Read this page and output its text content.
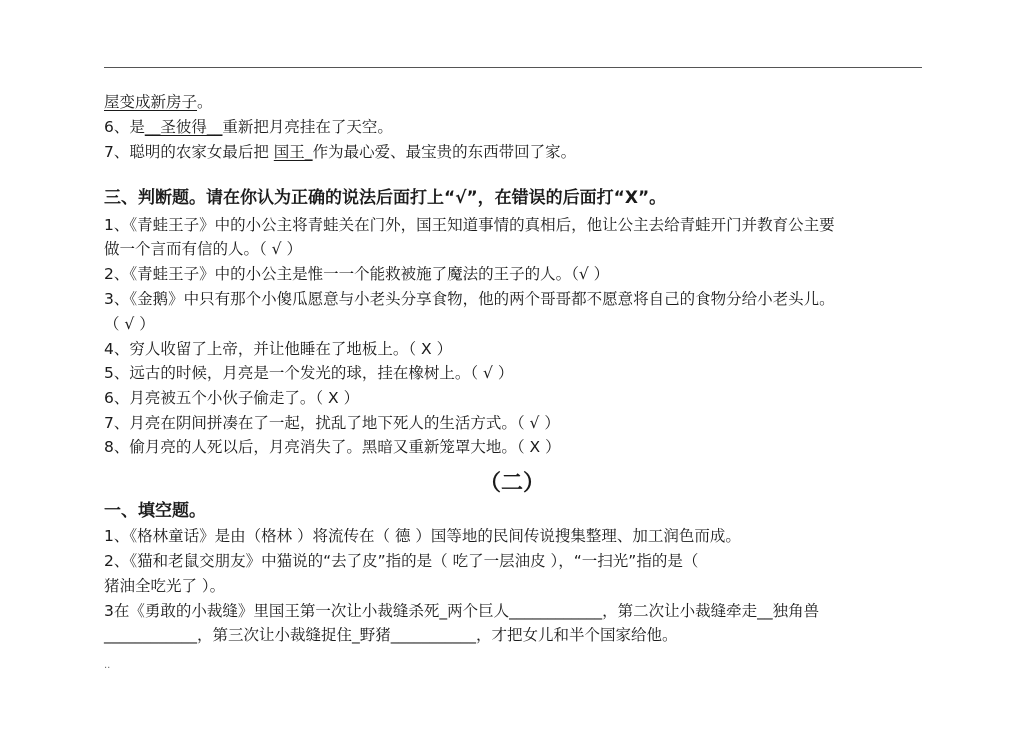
屋变成新房子。
6、是__圣彼得__重新把月亮挂在了天空。
7、聪明的农家女最后把 国王_作为最心爱、最宝贵的东西带回了家。
三、判断题。请在你认为正确的说法后面打上“√”，在错误的后面打“X”。
1、《青蛙王子》中的小公主将青蛙关在门外，国王知道事情的真相后，他让公主去给青蛙开门并教育公主要
做一个言而有信的人。（ √ ）
2、《青蛙王子》中的小公主是惟一一个能救被施了魔法的王子的人。（√ ）
3、《金鹅》中只有那个小傻瓜愿意与小老头分享食物，他的两个哥哥都不愿意将自己的食物分给小老头儿。
（ √ ）
4、穷人收留了上帝，并让他睡在了地板上。（ X ）
5、远古的时候，月亮是一个发光的球，挂在橡树上。（ √ ）
6、月亮被五个小伙子偷走了。（ X ）
7、月亮在阴间拼凑在了一起，扰乱了地下死人的生活方式。（ √ ）
8、偷月亮的人死以后，月亮消失了。黑暗又重新笼罩大地。（ X ）
（二）
一、填空题。
1、《格林童话》是由（格林 ）将流传在（ 德 ）国等地的民间传说搜集整理、加工润色而成。
2、《猫和老鼠交朋友》中猫说的“去了皮”指的是（ 吃了一层油皮 ），“一扫光”指的是（
猪油全吃光了 ）。
3在《勇敢的小裁缝》里国王第一次让小裁缝杀死_两个巨人____________，第二次让小裁缝牵走__独角兽
____________，第三次让小裁缝捉住_野猪___________，才把女儿和半个国家给他。
..
